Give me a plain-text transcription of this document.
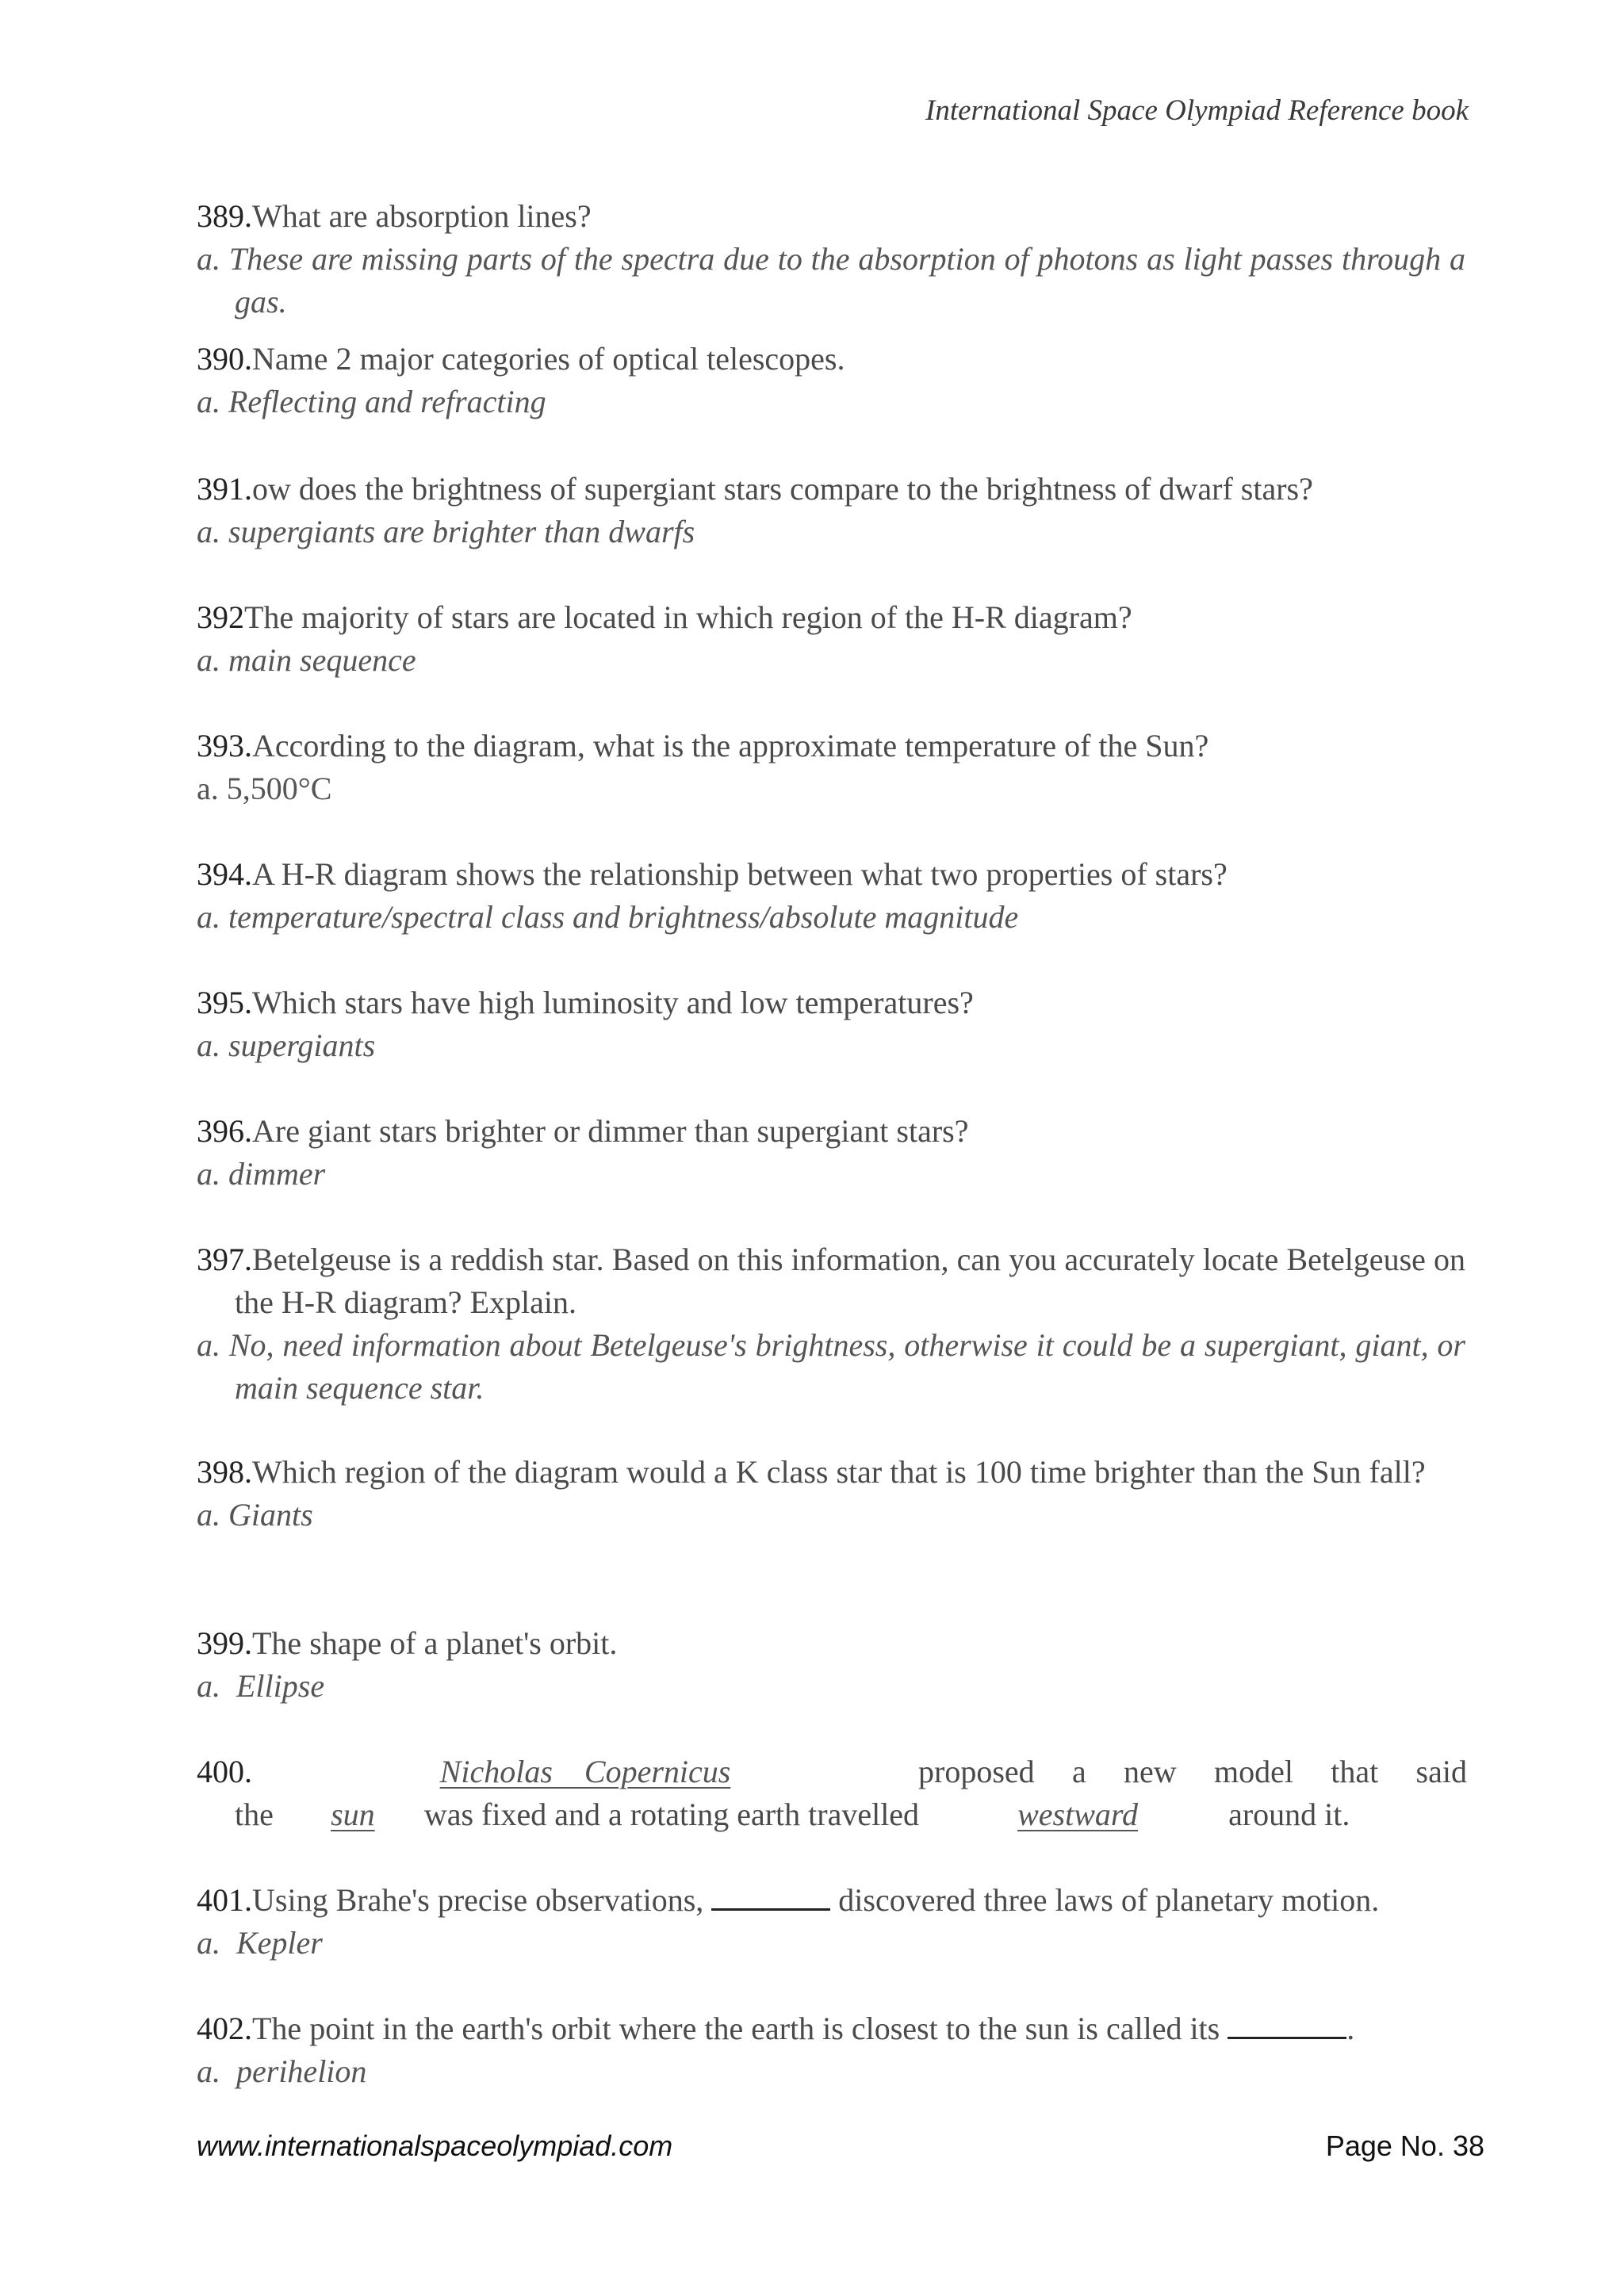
International Space Olympiad Reference book
389.What are absorption lines?
a. These are missing parts of the spectra due to the absorption of photons as light passes through a gas.
390.Name 2 major categories of optical telescopes.
a. Reflecting and refracting
391.ow does the brightness of supergiant stars compare to the brightness of dwarf stars?
a. supergiants are brighter than dwarfs
392The majority of stars are located in which region of the H-R diagram?
a. main sequence
393.According to the diagram, what is the approximate temperature of the Sun?
a. 5,500°C
394.A H-R diagram shows the relationship between what two properties of stars?
a. temperature/spectral class and brightness/absolute magnitude
395.Which stars have high luminosity and low temperatures?
a. supergiants
396.Are giant stars brighter or dimmer than supergiant stars?
a. dimmer
397.Betelgeuse is a reddish star. Based on this information, can you accurately locate Betelgeuse on the H-R diagram? Explain.
a. No, need information about Betelgeuse's brightness, otherwise it could be a supergiant, giant, or main sequence star.
398.Which region of the diagram would a K class star that is 100 time brighter than the Sun fall?
a. Giants
399.The shape of a planet's orbit.
a.  Ellipse
400.	Nicholas    Copernicus	proposed a new model that said
the sun was fixed and a rotating earth travelled	westward	around it.
401.Using Brahe's precise observations,	discovered three laws of planetary motion.
a.  Kepler
402.The point in the earth's orbit where the earth is closest to the sun is called its	.
a.  perihelion
www.internationalspaceolympiad.com	Page No. 38
